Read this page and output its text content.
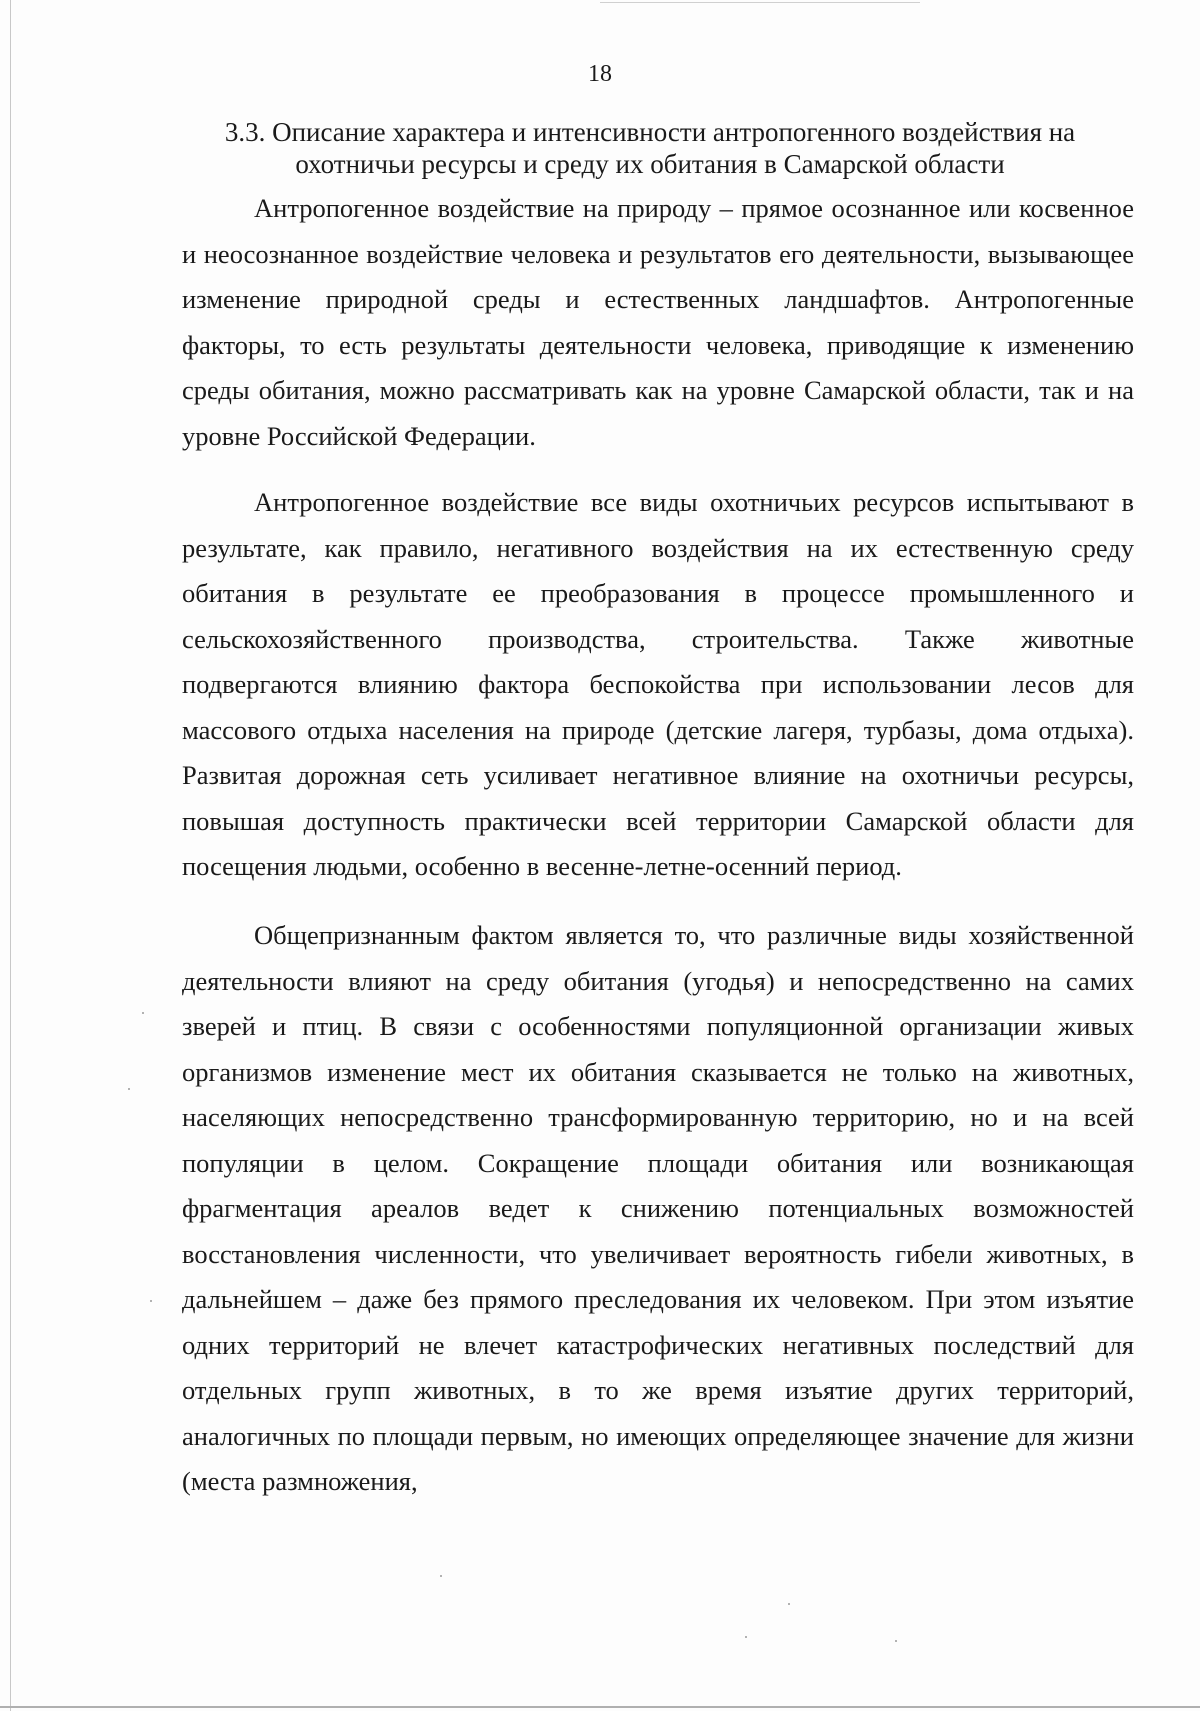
18
3.3. Описание характера и интенсивности антропогенного воздействия на охотничьи ресурсы и среду их обитания в Самарской области

Антропогенное воздействие на природу – прямое осознанное или косвенное и неосознанное воздействие человека и результатов его деятельности, вызывающее изменение природной среды и естественных ландшафтов. Антропогенные факторы, то есть результаты деятельности человека, приводящие к изменению среды обитания, можно рассматривать как на уровне Самарской области, так и на уровне Российской Федерации.

Антропогенное воздействие все виды охотничьих ресурсов испытывают в результате, как правило, негативного воздействия на их естественную среду обитания в результате ее преобразования в процессе промышленного и сельскохозяйственного производства, строительства. Также животные подвергаются влиянию фактора беспокойства при использовании лесов для массового отдыха населения на природе (детские лагеря, турбазы, дома отдыха). Развитая дорожная сеть усиливает негативное влияние на охотничьи ресурсы, повышая доступность практически всей территории Самарской области для посещения людьми, особенно в весенне-летне-осенний период.

Общепризнанным фактом является то, что различные виды хозяйственной деятельности влияют на среду обитания (угодья) и непосредственно на самих зверей и птиц. В связи с особенностями популяционной организации живых организмов изменение мест их обитания сказывается не только на животных, населяющих непосредственно трансформированную территорию, но и на всей популяции в целом. Сокращение площади обитания или возникающая фрагментация ареалов ведет к снижению потенциальных возможностей восстановления численности, что увеличивает вероятность гибели животных, в дальнейшем – даже без прямого преследования их человеком. При этом изъятие одних территорий не влечет катастрофических негативных последствий для отдельных групп животных, в то же время изъятие других территорий, аналогичных по площади первым, но имеющих определяющее значение для жизни (места размножения,
